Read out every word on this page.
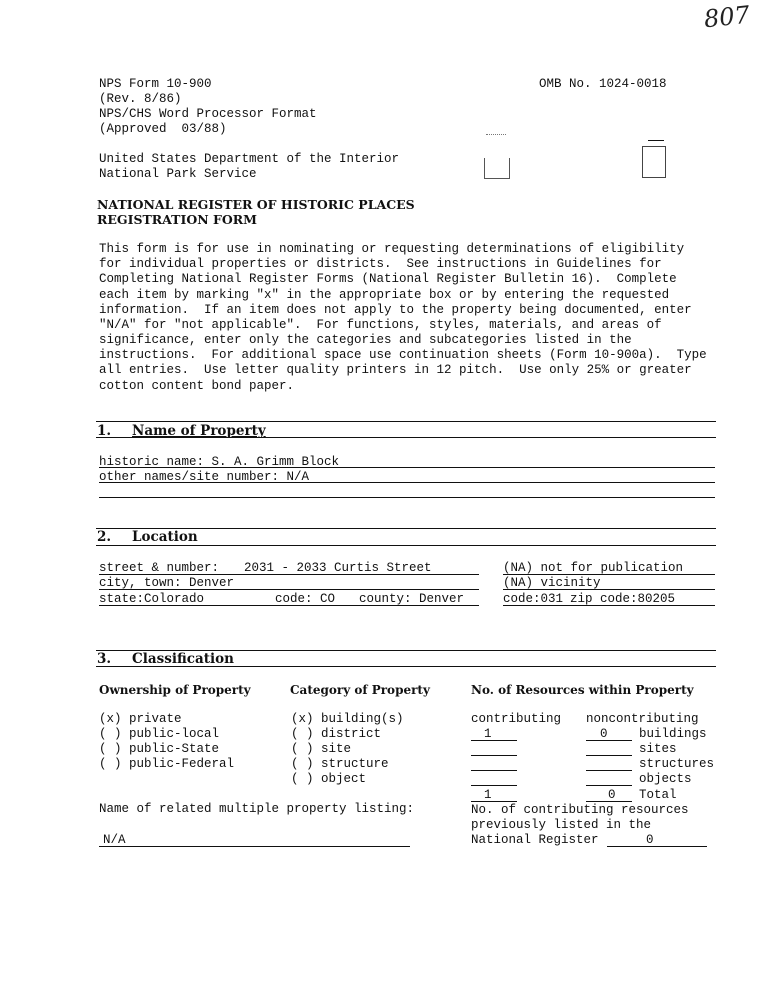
807
NPS Form 10-900
(Rev. 8/86)
NPS/CHS Word Processor Format
(Approved  03/88)
OMB No. 1024-0018
United States Department of the Interior
National Park Service
NATIONAL REGISTER OF HISTORIC PLACES
REGISTRATION FORM
This form is for use in nominating or requesting determinations of eligibility
for individual properties or districts.  See instructions in Guidelines for
Completing National Register Forms (National Register Bulletin 16).  Complete
each item by marking "x" in the appropriate box or by entering the requested
information.  If an item does not apply to the property being documented, enter
"N/A" for "not applicable".  For functions, styles, materials, and areas of
significance, enter only the categories and subcategories listed in the
instructions.  For additional space use continuation sheets (Form 10-900a).  Type
all entries.  Use letter quality printers in 12 pitch.  Use only 25% or greater
cotton content bond paper.
1. Name of Property
historic name: S. A. Grimm Block
other names/site number: N/A
2. Location
street & number: 2031 - 2033 Curtis Street	(NA) not for publication
city, town: Denver	(NA) vicinity
state:Colorado	code: CO county: Denver	code:031 zip code:80205
3. Classification
Ownership of Property	Category of Property	No. of Resources within Property
(x) private
( ) public-local
( ) public-State
( ) public-Federal
(x) building(s)
( ) district
( ) site
( ) structure
( ) object
contributing noncontributing
1	0	buildings
sites
structures
objects
1	0 Total
Name of related multiple property listing:
N/A
No. of contributing resources
previously listed in the
National Register	0
